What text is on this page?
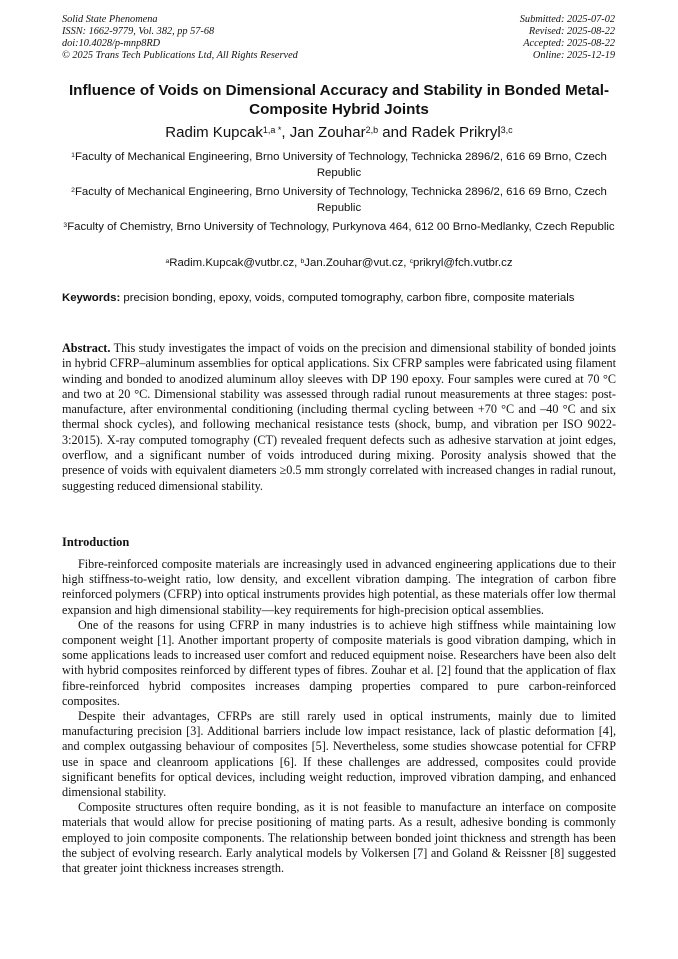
Solid State Phenomena
ISSN: 1662-9779, Vol. 382, pp 57-68
doi:10.4028/p-mnp8RD
© 2025 Trans Tech Publications Ltd, All Rights Reserved
Submitted: 2025-07-02
Revised: 2025-08-22
Accepted: 2025-08-22
Online: 2025-12-19
Influence of Voids on Dimensional Accuracy and Stability in Bonded Metal-Composite Hybrid Joints
Radim Kupcak$^{1,a *}$, Jan Zouhar$^{2,b}$ and Radek Prikryl$^{3,c}$
$^1$Faculty of Mechanical Engineering, Brno University of Technology, Technicka 2896/2, 616 69 Brno, Czech Republic
$^2$Faculty of Mechanical Engineering, Brno University of Technology, Technicka 2896/2, 616 69 Brno, Czech Republic
$^3$Faculty of Chemistry, Brno University of Technology, Purkynova 464, 612 00 Brno-Medlanky, Czech Republic
$^a$Radim.Kupcak@vutbr.cz, $^b$Jan.Zouhar@vut.cz, $^c$prikryl@fch.vutbr.cz
Keywords: precision bonding, epoxy, voids, computed tomography, carbon fibre, composite materials
Abstract. This study investigates the impact of voids on the precision and dimensional stability of bonded joints in hybrid CFRP–aluminum assemblies for optical applications. Six CFRP samples were fabricated using filament winding and bonded to anodized aluminum alloy sleeves with DP 190 epoxy. Four samples were cured at 70 °C and two at 20 °C. Dimensional stability was assessed through radial runout measurements at three stages: post-manufacture, after environmental conditioning (including thermal cycling between +70 °C and –40 °C and six thermal shock cycles), and following mechanical resistance tests (shock, bump, and vibration per ISO 9022-3:2015). X-ray computed tomography (CT) revealed frequent defects such as adhesive starvation at joint edges, overflow, and a significant number of voids introduced during mixing. Porosity analysis showed that the presence of voids with equivalent diameters ≥0.5 mm strongly correlated with increased changes in radial runout, suggesting reduced dimensional stability.
Introduction

Fibre-reinforced composite materials are increasingly used in advanced engineering applications due to their high stiffness-to-weight ratio, low density, and excellent vibration damping. The integration of carbon fibre reinforced polymers (CFRP) into optical instruments provides high potential, as these materials offer low thermal expansion and high dimensional stability—key requirements for high-precision optical assemblies.

One of the reasons for using CFRP in many industries is to achieve high stiffness while maintaining low component weight [1]. Another important property of composite materials is good vibration damping, which in some applications leads to increased user comfort and reduced equipment noise. Researchers have been also delt with hybrid composites reinforced by different types of fibres. Zouhar et al. [2] found that the application of flax fibre-reinforced hybrid composites increases damping properties compared to pure carbon-reinforced composites.

Despite their advantages, CFRPs are still rarely used in optical instruments, mainly due to limited manufacturing precision [3]. Additional barriers include low impact resistance, lack of plastic deformation [4], and complex outgassing behaviour of composites [5]. Nevertheless, some studies showcase potential for CFRP use in space and cleanroom applications [6]. If these challenges are addressed, composites could provide significant benefits for optical devices, including weight reduction, improved vibration damping, and enhanced dimensional stability.

Composite structures often require bonding, as it is not feasible to manufacture an interface on composite materials that would allow for precise positioning of mating parts. As a result, adhesive bonding is commonly employed to join composite components. The relationship between bonded joint thickness and strength has been the subject of evolving research. Early analytical models by Volkersen [7] and Goland & Reissner [8] suggested that greater joint thickness increases strength.
